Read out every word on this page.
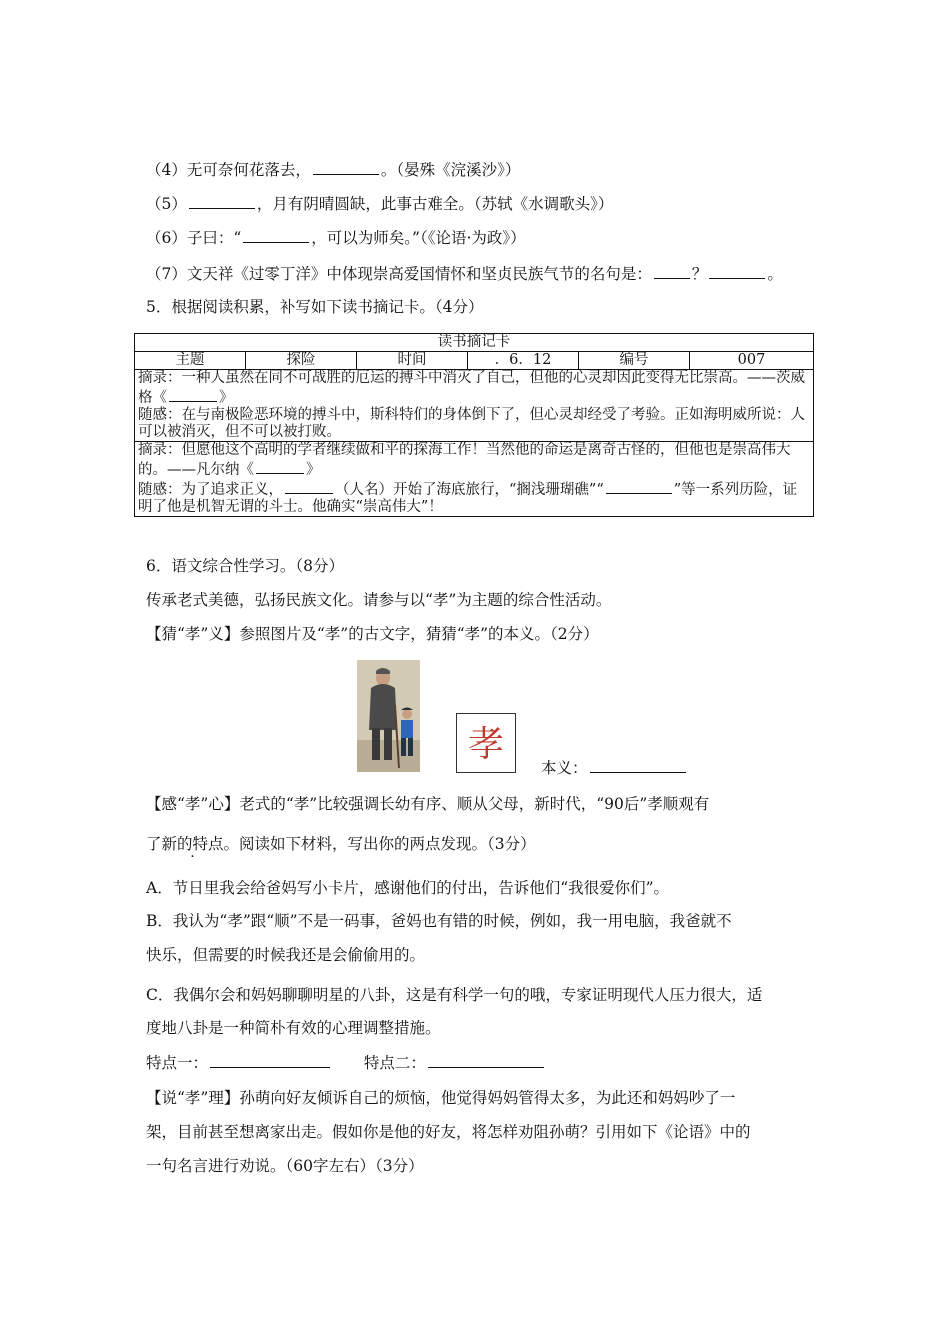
（4）无可奈何花落去，	。（晏殊《浣溪沙》）
（5）	，月有阴晴圆缺，此事古难全。（苏轼《水调歌头》）
（6）子曰：“	，可以为师矣。”（《论语·为政》）
（7）文天祥《过零丁洋》中体现崇高爱国情怀和坚贞民族气节的名句是：	？	。
5．根据阅读积累，补写如下读书摘记卡。（4分）
读书摘记卡
主题	探险	时间	．6．12	编号	007

摘录：一种人虽然在同不可战胜的厄运的搏斗中消灭了自己，但他的心灵却因此变得无比崇高。——茨威格《	》
随感：在与南极险恶环境的搏斗中，斯科特们的身体倒下了，但心灵却经受了考验。正如海明威所说：人可以被消灭，但不可以被打败。

摘录：但愿他这个高明的学者继续做和平的探海工作！当然他的命运是离奇古怪的，但他也是崇高伟大的。——凡尔纳《	》
随感：为了追求正义，	（人名）开始了海底旅行，“搁浅珊瑚礁”“	”等一系列历险，证明了他是机智无谓的斗士。他确实“崇高伟大”！
6．语文综合性学习。（8分）
传承老式美德，弘扬民族文化。请参与以“孝”为主题的综合性活动。
【猜“孝”义】参照图片及“孝”的古文字，猜猜“孝”的本义。（2分）
孝
本义：
【感“孝”心】老式的“孝”比较强调长幼有序、顺从父母，新时代，“90后”孝顺观有
了新的特点。阅读如下材料，写出你的两点发现。（3分）
A．节日里我会给爸妈写小卡片，感谢他们的付出，告诉他们“我很爱你们”。
B．我认为“孝”跟“顺”不是一码事，爸妈也有错的时候，例如，我一用电脑，我爸就不
快乐，但需要的时候我还是会偷偷用的。
C．我偶尔会和妈妈聊聊明星的八卦，这是有科学一句的哦，专家证明现代人压力很大，适
度地八卦是一种简朴有效的心理调整措施。
特点一：	特点二：
【说“孝”理】孙萌向好友倾诉自己的烦恼，他觉得妈妈管得太多，为此还和妈妈吵了一
架，目前甚至想离家出走。假如你是他的好友，将怎样劝阻孙萌？引用如下《论语》中的
一句名言进行劝说。（60字左右）（3分）
